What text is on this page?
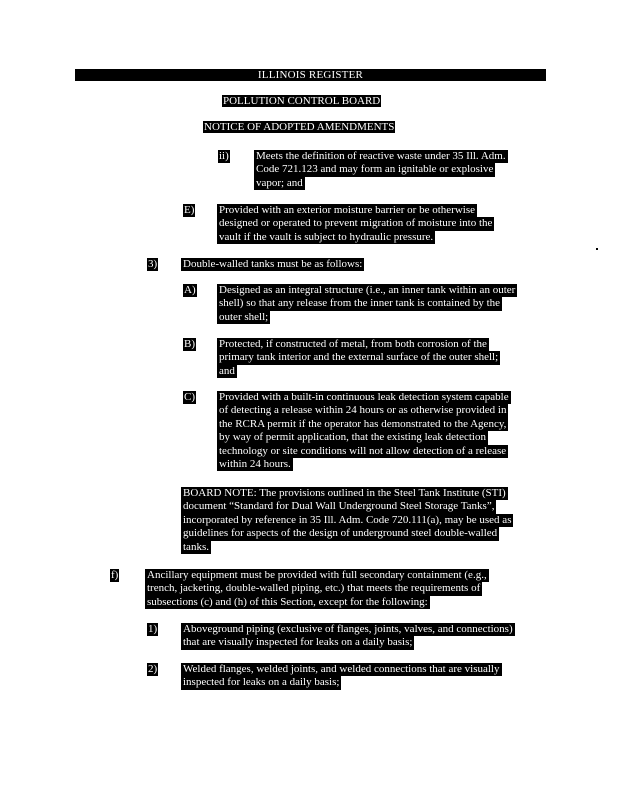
ILLINOIS REGISTER
POLLUTION CONTROL BOARD
NOTICE OF ADOPTED AMENDMENTS
ii) Meets the definition of reactive waste under 35 Ill. Adm.
Code 721.123 and may form an ignitable or explosive
vapor; and
E) Provided with an exterior moisture barrier or be otherwise
designed or operated to prevent migration of moisture into the
vault if the vault is subject to hydraulic pressure.
3) Double-walled tanks must be as follows:
A) Designed as an integral structure (i.e., an inner tank within an outer
shell) so that any release from the inner tank is contained by the
outer shell;
B) Protected, if constructed of metal, from both corrosion of the
primary tank interior and the external surface of the outer shell;
and
C) Provided with a built-in continuous leak detection system capable
of detecting a release within 24 hours or as otherwise provided in
the RCRA permit if the operator has demonstrated to the Agency,
by way of permit application, that the existing leak detection
technology or site conditions will not allow detection of a release
within 24 hours.
BOARD NOTE: The provisions outlined in the Steel Tank Institute (STI)
document “Standard for Dual Wall Underground Steel Storage Tanks”,
incorporated by reference in 35 Ill. Adm. Code 720.111(a), may be used as
guidelines for aspects of the design of underground steel double-walled
tanks.
f)	Ancillary equipment must be provided with full secondary containment (e.g.,
trench, jacketing, double-walled piping, etc.) that meets the requirements of
subsections (c) and (h) of this Section, except for the following:
1) Aboveground piping (exclusive of flanges, joints, valves, and connections)
that are visually inspected for leaks on a daily basis;
2) Welded flanges, welded joints, and welded connections that are visually
inspected for leaks on a daily basis;
